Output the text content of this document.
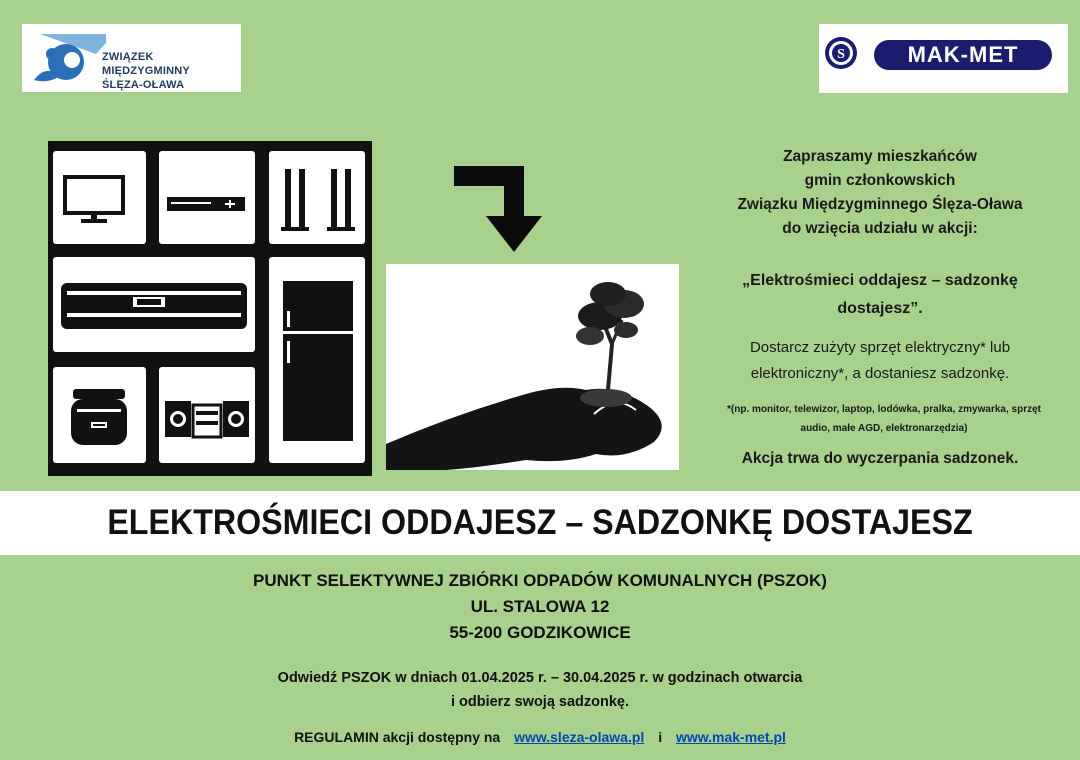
ZWIĄZEK MIĘDZYGMINNY
ŚLĘZA-OŁAWA
S	MAK-MET
Zapraszamy mieszkańców
gmin członkowskich
Związku Międzygminnego Ślęza-Oława
do wzięcia udziału w akcji:
„Elektrośmieci oddajesz – sadzonkę
dostajesz”.
Dostarcz zużyty sprzęt elektryczny* lub
elektroniczny*, a dostaniesz sadzonkę.
*(np. monitor, telewizor, laptop, lodówka, pralka, zmywarka, sprzęt
audio, małe AGD, elektronarzędzia)
Akcja trwa do wyczerpania sadzonek.
ELEKTROŚMIECI ODDAJESZ – SADZONKĘ DOSTAJESZ
PUNKT SELEKTYWNEJ ZBIÓRKI ODPADÓW KOMUNALNYCH (PSZOK)
UL. STALOWA 12
55-200 GODZIKOWICE
Odwiedź PSZOK w dniach 01.04.2025 r. – 30.04.2025 r. w godzinach otwarcia
i odbierz swoją sadzonkę.
REGULAMIN akcji dostępny na www.sleza-olawa.pl i www.mak-met.pl
